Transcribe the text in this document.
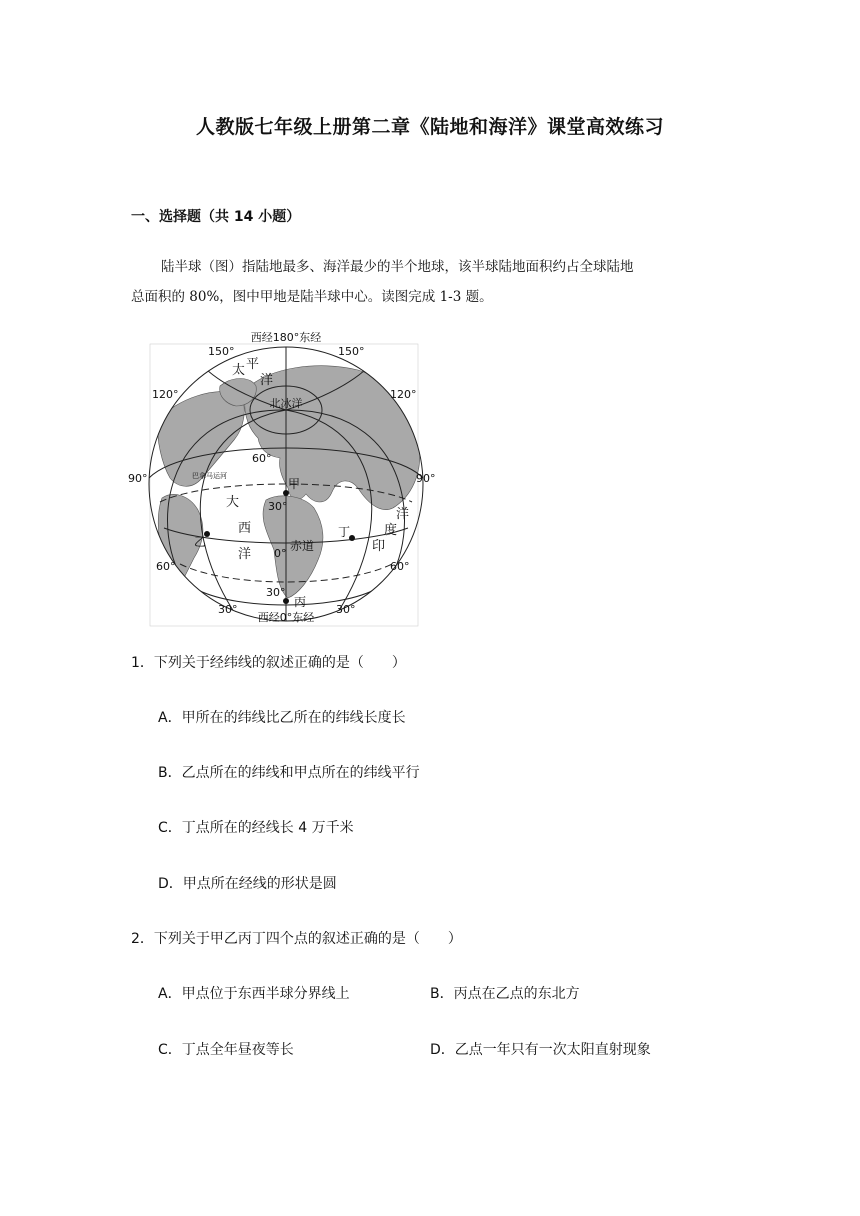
人教版七年级上册第二章《陆地和海洋》课堂高效练习
一、选择题（共 14 小题）

陆半球（图）指陆地最多、海洋最少的半个地球，该半球陆地面积约占全球陆地

总面积的 80%，图中甲地是陆半球中心。读图完成 1-3 题。

西经180°东经
西经0°东经
150°	150°
120°	120°
90°	90°
60°	60°
30°	30°
60°
30°
0°
30°
太 平
洋
北冰洋
巴拿马运河
大
西
洋
印
度
洋
赤道
甲
乙
丙
丁
1．下列关于经纬线的叙述正确的是（　　）
A．甲所在的纬线比乙所在的纬线长度长
B．乙点所在的纬线和甲点所在的纬线平行
C．丁点所在的经线长 4 万千米
D．甲点所在经线的形状是圆
2．下列关于甲乙丙丁四个点的叙述正确的是（　　）
A．甲点位于东西半球分界线上	B．丙点在乙点的东北方
C．丁点全年昼夜等长	D．乙点一年只有一次太阳直射现象
